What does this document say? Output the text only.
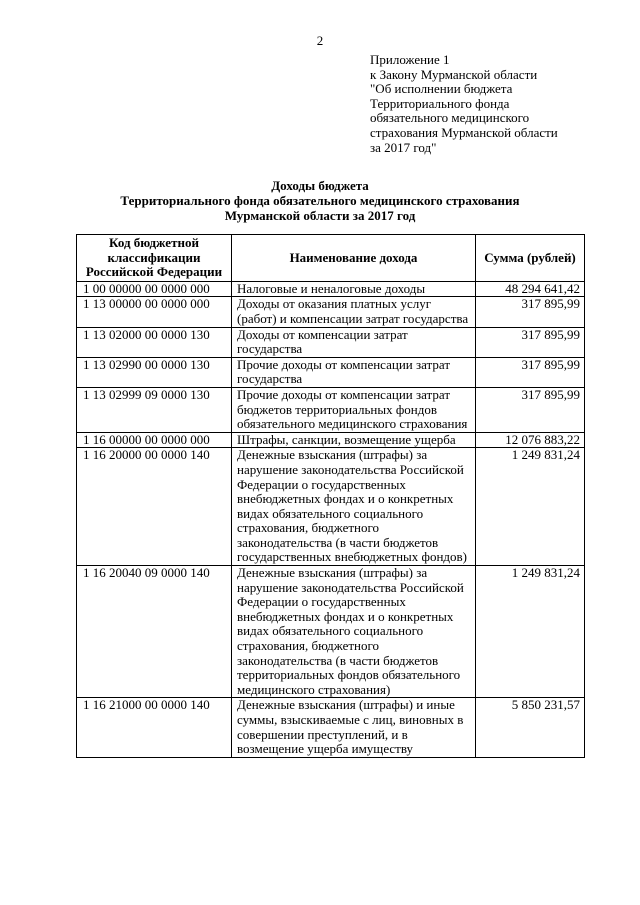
2
Приложение 1
к Закону Мурманской области
"Об исполнении бюджета
Территориального фонда
обязательного медицинского
страхования Мурманской области
за 2017 год"
Доходы бюджета
Территориального фонда обязательного медицинского страхования
Мурманской области за 2017 год
Код бюджетной классификации Российской Федерации	Наименование дохода	Сумма (рублей)
1 00 00000 00 0000 000	Налоговые и неналоговые доходы	48 294 641,42
1 13 00000 00 0000 000	Доходы от оказания платных услуг (работ) и компенсации затрат государства	317 895,99
1 13 02000 00 0000 130	Доходы от компенсации затрат государства	317 895,99
1 13 02990 00 0000 130	Прочие доходы от компенсации затрат государства	317 895,99
1 13 02999 09 0000 130	Прочие доходы от компенсации затрат бюджетов территориальных фондов обязательного медицинского страхования	317 895,99
1 16 00000 00 0000 000	Штрафы, санкции, возмещение ущерба	12 076 883,22
1 16 20000 00 0000 140	Денежные взыскания (штрафы) за нарушение законодательства Российской Федерации о государственных внебюджетных фондах и о конкретных видах обязательного социального страхования, бюджетного законодательства (в части бюджетов государственных внебюджетных фондов)	1 249 831,24
1 16 20040 09 0000 140	Денежные взыскания (штрафы) за нарушение законодательства Российской Федерации о государственных внебюджетных фондах и о конкретных видах обязательного социального страхования, бюджетного законодательства (в части бюджетов территориальных фондов обязательного медицинского страхования)	1 249 831,24
1 16 21000 00 0000 140	Денежные взыскания (штрафы) и иные суммы, взыскиваемые с лиц, виновных в совершении преступлений, и в возмещение ущерба имуществу	5 850 231,57
